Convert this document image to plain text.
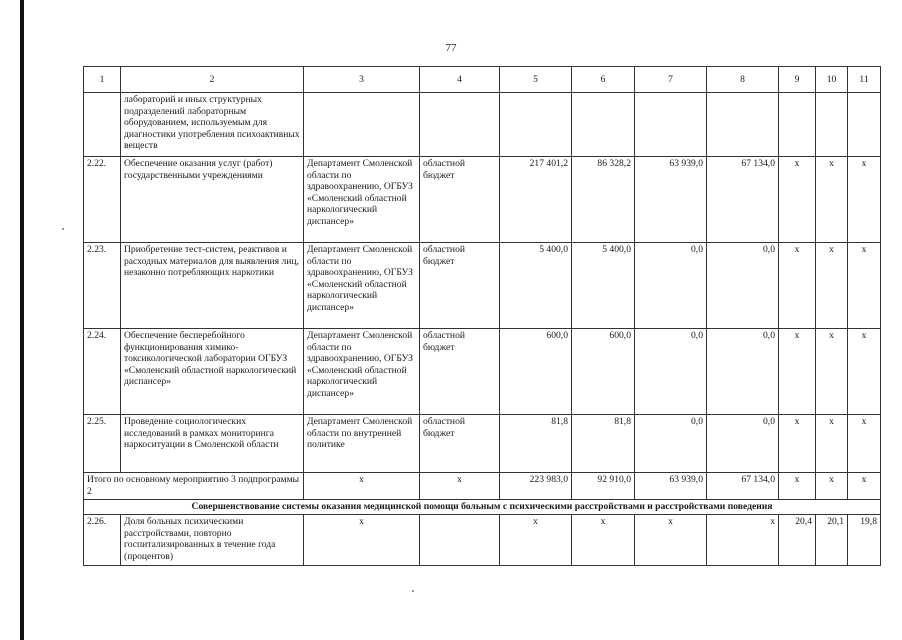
77
1	2	3	4	5	6	7	8	9	10	11
	лабораторий и иных структурных подразделений лабораторным оборудованием, используемым для диагностики употребления психоактивных веществ									
2.22.	Обеспечение оказания услуг (работ) государственными учреждениями	Департамент Смоленской области по здравоохранению, ОГБУЗ «Смоленский областной наркологический диспансер»	областной бюджет	217 401,2	86 328,2	63 939,0	67 134,0	x	x	x
2.23.	Приобретение тест-систем, реактивов и расходных материалов для выявления лиц, незаконно потребляющих наркотики	Департамент Смоленской области по здравоохранению, ОГБУЗ «Смоленский областной наркологический диспансер»	областной бюджет	5 400,0	5 400,0	0,0	0,0	x	x	x
2.24.	Обеспечение бесперебойного функционирования химико-токсикологической лаборатории ОГБУЗ «Смоленский областной наркологический диспансер»	Департамент Смоленской области по здравоохранению, ОГБУЗ «Смоленский областной наркологический диспансер»	областной бюджет	600,0	600,0	0,0	0,0	x	x	x
2.25.	Проведение социологических исследований в рамках мониторинга наркоситуации в Смоленской области	Департамент Смоленской области по внутренней политике	областной бюджет	81,8	81,8	0,0	0,0	x	x	x
Итого по основному мероприятию 3 подпрограммы 2		x	x	223 983,0	92 910,0	63 939,0	67 134,0	x	x	x
Совершенствование системы оказания медицинской помощи больным с психическими расстройствами и расстройствами поведения										
2.26.	Доля больных психическими расстройствами, повторно госпитализированных в течение года (процентов)	x		x	x	x	x	20,4	20,1	19,8
